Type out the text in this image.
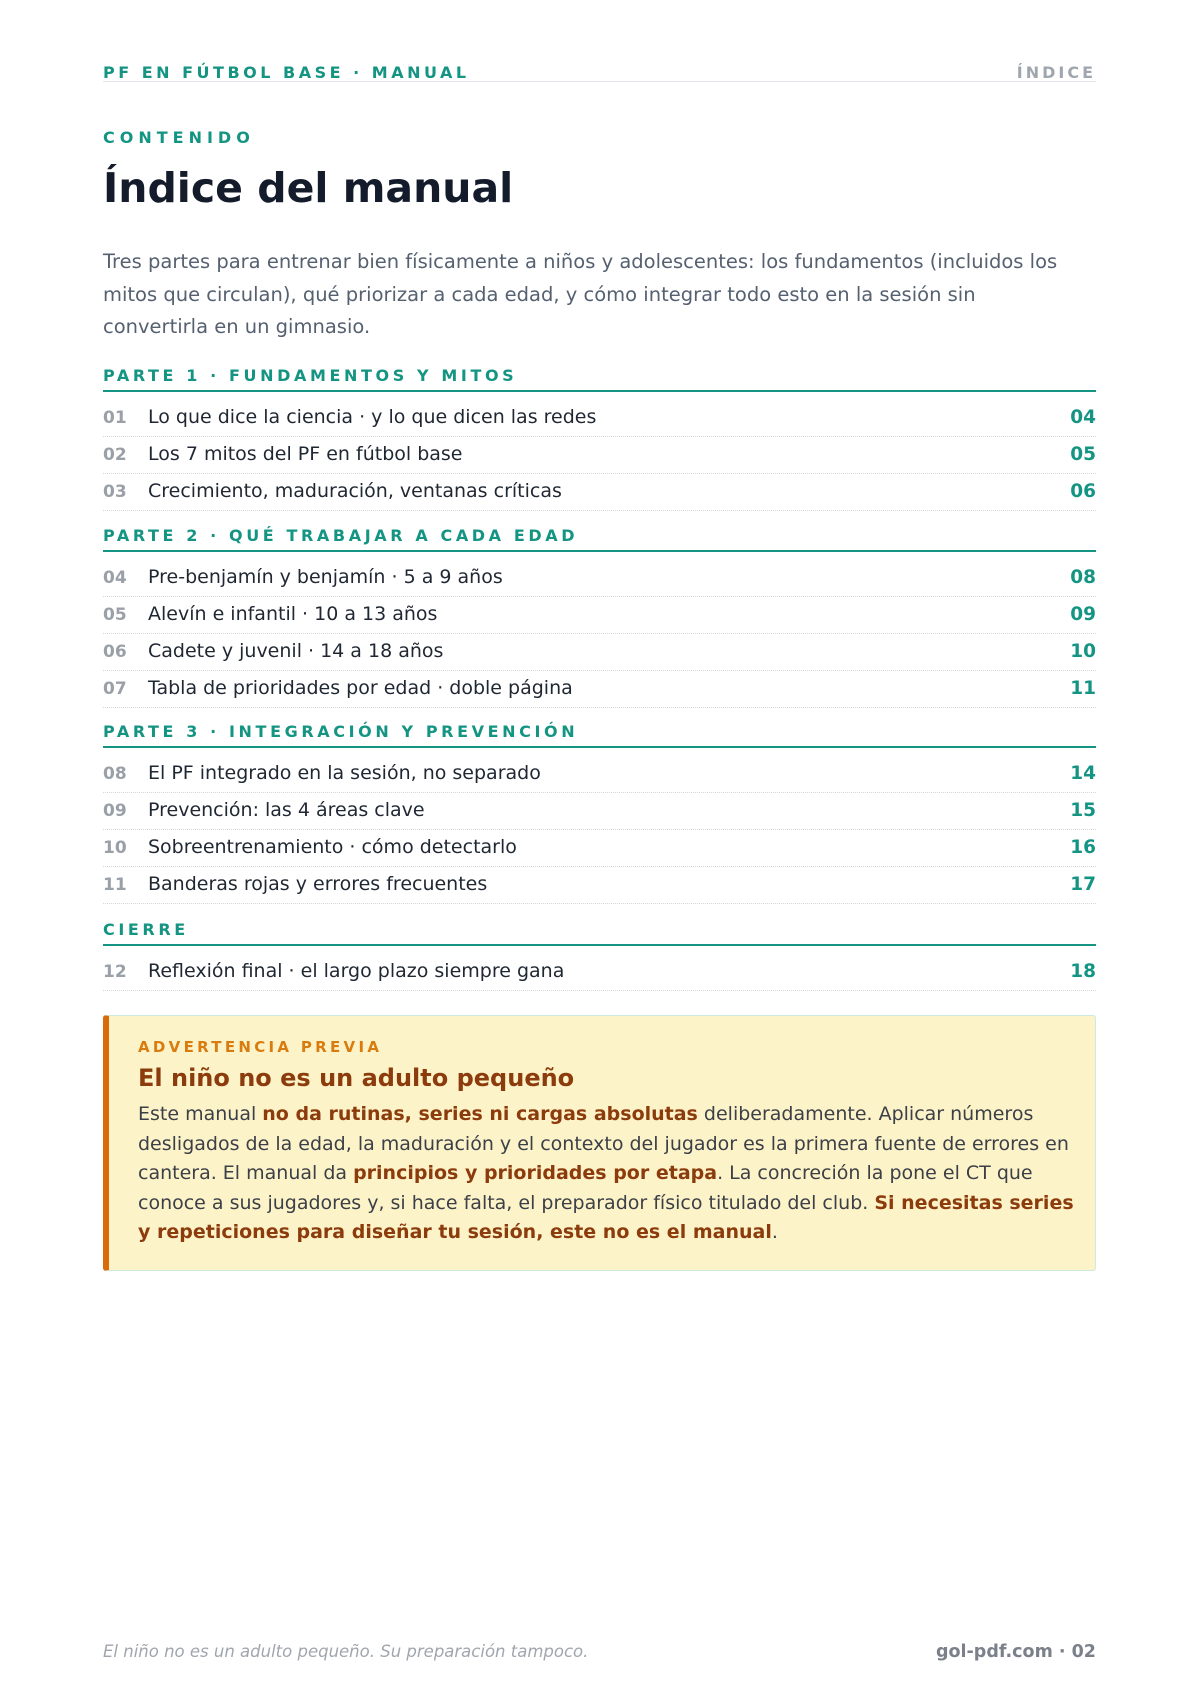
PF EN FÚTBOL BASE · MANUAL	ÍNDICE
CONTENIDO
Índice del manual

Tres partes para entrenar bien físicamente a niños y adolescentes: los fundamentos (incluidos los mitos que circulan), qué priorizar a cada edad, y cómo integrar todo esto en la sesión sin convertirla en un gimnasio.

PARTE 1 · FUNDAMENTOS Y MITOS
01 Lo que dice la ciencia · y lo que dicen las redes	04
02 Los 7 mitos del PF en fútbol base	05
03 Crecimiento, maduración, ventanas críticas	06
PARTE 2 · QUÉ TRABAJAR A CADA EDAD
04 Pre-benjamín y benjamín · 5 a 9 años	08
05 Alevín e infantil · 10 a 13 años	09
06 Cadete y juvenil · 14 a 18 años	10
07 Tabla de prioridades por edad · doble página	11
PARTE 3 · INTEGRACIÓN Y PREVENCIÓN
08 El PF integrado en la sesión, no separado	14
09 Prevención: las 4 áreas clave	15
10 Sobreentrenamiento · cómo detectarlo	16
11 Banderas rojas y errores frecuentes	17
CIERRE
12 Reflexión final · el largo plazo siempre gana	18
ADVERTENCIA PREVIA
El niño no es un adulto pequeño

Este manual no da rutinas, series ni cargas absolutas deliberadamente. Aplicar números desligados de la edad, la maduración y el contexto del jugador es la primera fuente de errores en cantera. El manual da principios y prioridades por etapa. La concreción la pone el CT que conoce a sus jugadores y, si hace falta, el preparador físico titulado del club. Si necesitas series y repeticiones para diseñar tu sesión, este no es el manual.

El niño no es un adulto pequeño. Su preparación tampoco.	gol-pdf.com · 02
